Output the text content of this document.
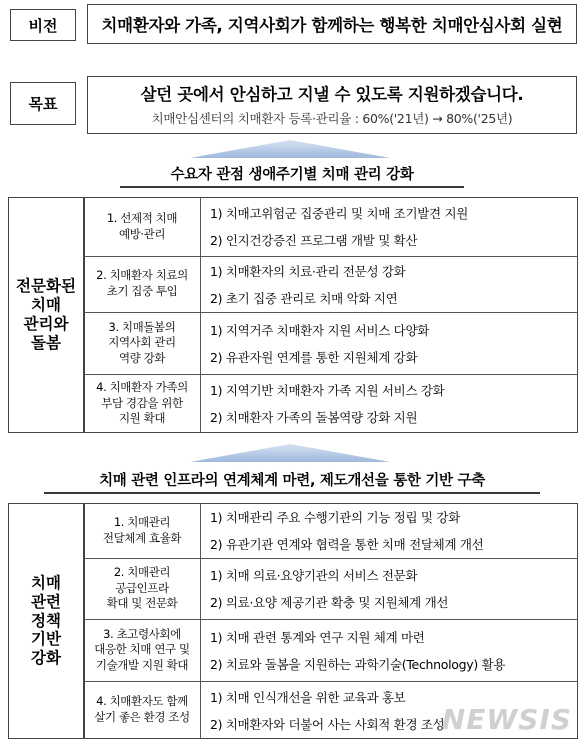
비전	치매환자와 가족, 지역사회가 함께하는 행복한 치매안심사회 실현
목표	살던 곳에서 안심하고 지낼 수 있도록 지원하겠습니다.
치매안심센터의 치매환자 등록·관리율 : 60%('21년) → 80%('25년)
수요자 관점 생애주기별 치매 관리 강화
전문화된
치매
관리와
돌봄
1. 선제적 치매
예방·관리
1) 치매고위험군 집중관리 및 치매 조기발견 지원
2) 인지건강증진 프로그램 개발 및 확산
2. 치매환자 치료의
초기 집중 투입
1) 치매환자의 치료·관리 전문성 강화
2) 초기 집중 관리로 치매 악화 지연
3. 치매돌봄의
지역사회 관리
역량 강화
1) 지역거주 치매환자 지원 서비스 다양화
2) 유관자원 연계를 통한 지원체계 강화
4. 치매환자 가족의
부담 경감을 위한
지원 확대
1) 지역기반 치매환자 가족 지원 서비스 강화
2) 치매환자 가족의 돌봄역량 강화 지원
치매 관련 인프라의 연계체계 마련, 제도개선을 통한 기반 구축
치매
관련
정책
기반
강화
1. 치매관리
전달체계 효율화
1) 치매관리 주요 수행기관의 기능 정립 및 강화
2) 유관기관 연계와 협력을 통한 치매 전달체계 개선
2. 치매관리
공급인프라
확대 및 전문화
1) 치매 의료·요양기관의 서비스 전문화
2) 의료·요양 제공기관 확충 및 지원체계 개선
3. 초고령사회에
대응한 치매 연구 및
기술개발 지원 확대
1) 치매 관련 통계와 연구 지원 체계 마련
2) 치료와 돌봄을 지원하는 과학기술(Technology) 활용
4. 치매환자도 함께
살기 좋은 환경 조성
1) 치매 인식개선을 위한 교육과 홍보
2) 치매환자와 더불어 사는 사회적 환경 조성
NEWSIS
